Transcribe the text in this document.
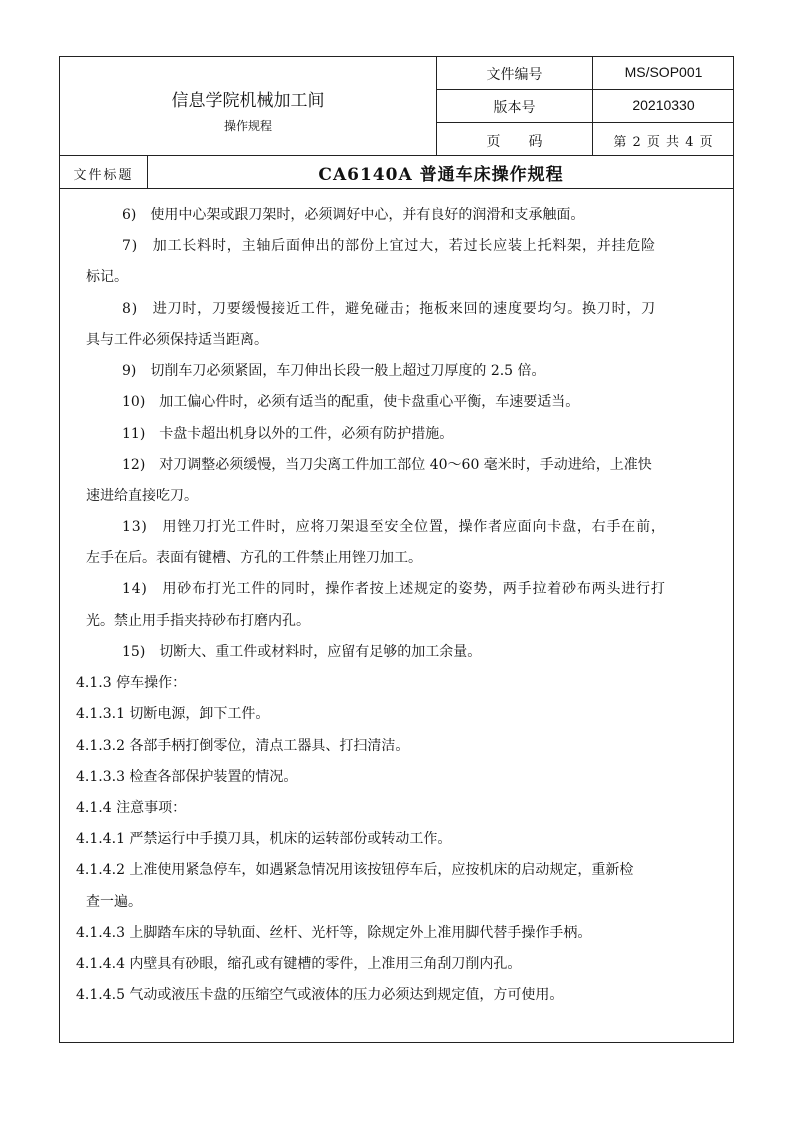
信息学院机械加工间
操作规程
文件编号	MS/SOP001
版本号	20210330
页　　码	第 2 页 共 4 页
文件标题	CA6140A 普通车床操作规程
6)　使用中心架或跟刀架时，必须调好中心，并有良好的润滑和支承触面。
7)　加工长料时，主轴后面伸出的部份上宜过大，若过长应装上托料架，并挂危险
标记。
8)　进刀时，刀要缓慢接近工件，避免碰击；拖板来回的速度要均匀。换刀时，刀
具与工件必须保持适当距离。
9)　切削车刀必须紧固，车刀伸出长段一般上超过刀厚度的 2.5 倍。
10)　加工偏心件时，必须有适当的配重，使卡盘重心平衡，车速要适当。
11)　卡盘卡超出机身以外的工件，必须有防护措施。
12)　对刀调整必须缓慢，当刀尖离工件加工部位 40～60 毫米时，手动进给，上准快
速进给直接吃刀。
13)　用锉刀打光工件时，应将刀架退至安全位置，操作者应面向卡盘，右手在前，
左手在后。表面有键槽、方孔的工件禁止用锉刀加工。
14)　用砂布打光工件的同时，操作者按上述规定的姿势，两手拉着砂布两头进行打
光。禁止用手指夹持砂布打磨内孔。
15)　切断大、重工件或材料时，应留有足够的加工余量。
4.1.3 停车操作：
4.1.3.1 切断电源，卸下工件。
4.1.3.2 各部手柄打倒零位，清点工器具、打扫清洁。
4.1.3.3 检查各部保护装置的情况。
4.1.4 注意事项：
4.1.4.1 严禁运行中手摸刀具，机床的运转部份或转动工作。
4.1.4.2 上准使用紧急停车，如遇紧急情况用该按钮停车后，应按机床的启动规定，重新检
查一遍。
4.1.4.3 上脚踏车床的导轨面、丝杆、光杆等，除规定外上准用脚代替手操作手柄。
4.1.4.4 内壁具有砂眼，缩孔或有键槽的零件，上准用三角刮刀削内孔。
4.1.4.5 气动或液压卡盘的压缩空气或液体的压力必须达到规定值，方可使用。
